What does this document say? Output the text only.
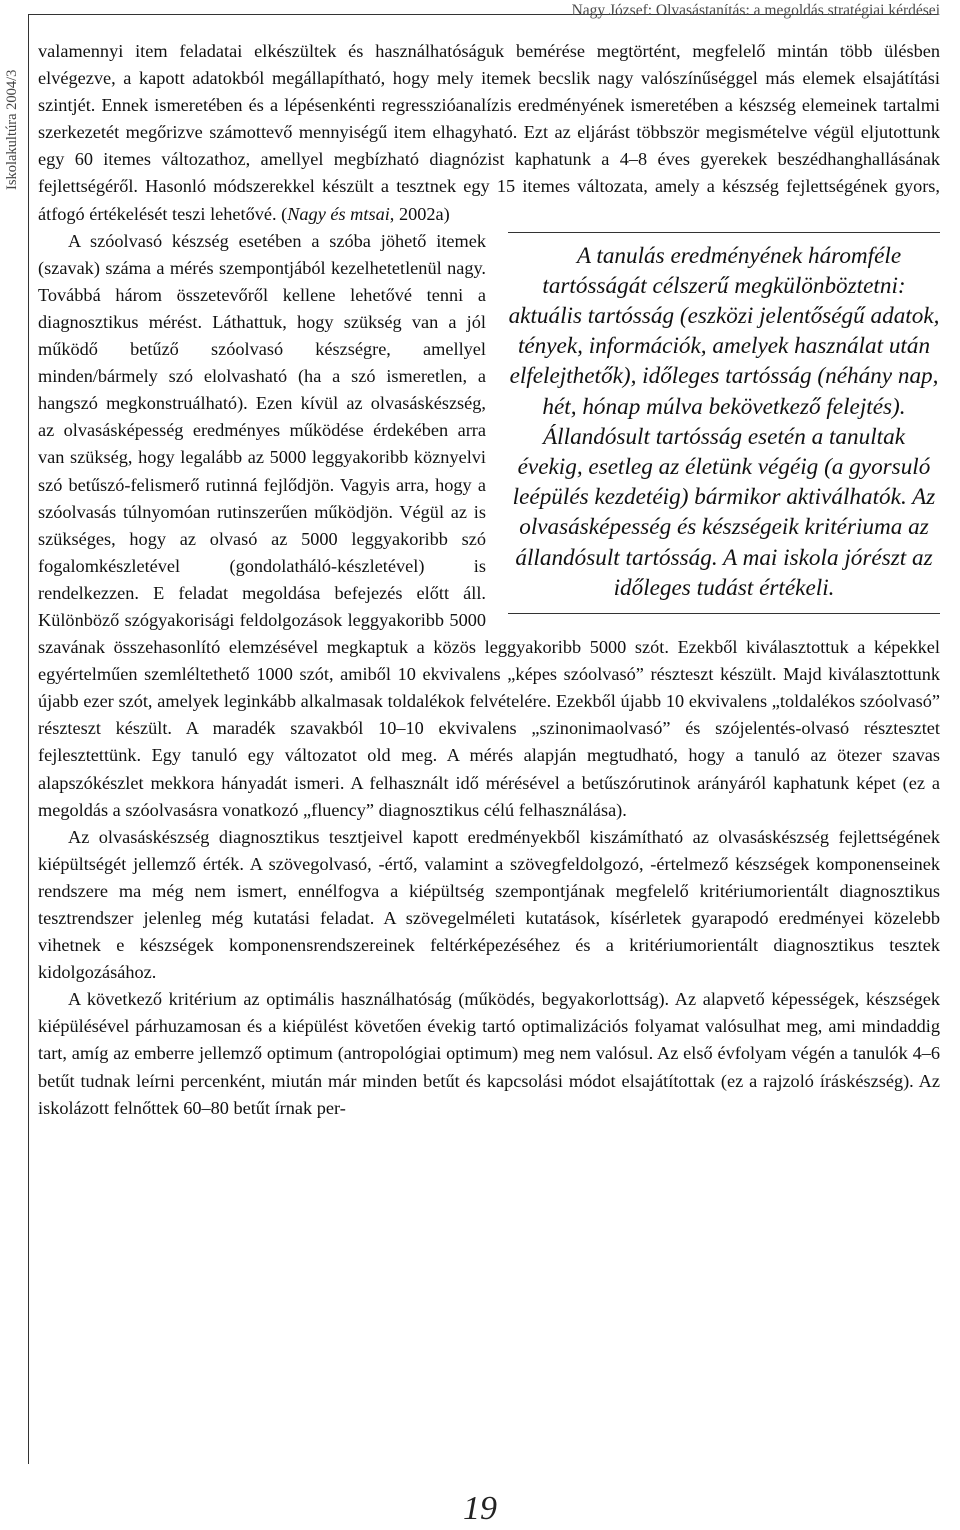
Nagy József: Olvasástanítás: a megoldás stratégiai kérdései
Iskolakultúra 2004/3

valamennyi item feladatai elkészültek és használhatóságuk bemérése megtörtént, megfelelő mintán több ülésben elvégezve, a kapott adatokból megállapítható, hogy mely itemek becslik nagy valószínűséggel más elemek elsajátítási szintjét. Ennek ismeretében és a lépésenkénti regresszióanalízis eredményének ismeretében a készség elemeinek tartalmi szerkezetét megőrizve számottevő mennyiségű item elhagyható. Ezt az eljárást többször megismételve végül eljutottunk egy 60 itemes változathoz, amellyel megbízható diagnózist kaphatunk a 4–8 éves gyerekek beszédhanghallásának fejlettségéről. Hasonló módszerekkel készült a tesztnek egy 15 itemes változata, amely a készség fejlettségének gyors, átfogó értékelését teszi lehetővé. (Nagy és mtsai, 2002a)

A tanulás eredményének háromféle tartósságát célszerű megkülönböztetni: aktuális tartósság (eszközi jelentőségű adatok, tények, információk, amelyek használat után elfelejthetők), időleges tartósság (néhány nap, hét, hónap múlva bekövetkező felejtés). Állandósult tartósság esetén a tanultak évekig, esetleg az életünk végéig (a gyorsuló leépülés kezdetéig) bármikor aktiválhatók. Az olvasásképesség és készségeik kritériuma az állandósult tartósság. A mai iskola jórészt az időleges tudást értékeli.
A szóolvasó készség esetében a szóba jöhető itemek (szavak) száma a mérés szempontjából kezelhetetlenül nagy. Továbbá három összetevőről kellene lehetővé tenni a diagnosztikus mérést. Láthattuk, hogy szükség van a jól működő betűző szóolvasó készségre, amellyel minden/bármely szó elolvasható (ha a szó ismeretlen, a hangszó megkonstruálható). Ezen kívül az olvasáskészség, az olvasásképesség eredményes működése érdekében arra van szükség, hogy legalább az 5000 leggyakoribb köznyelvi szó betűszó-felismerő rutinná fejlődjön. Vagyis arra, hogy a szóolvasás túlnyomóan rutinszerűen működjön. Végül az is szükséges, hogy az olvasó az 5000 leggyakoribb szó fogalomkészletével (gondolatháló-készletével) is rendelkezzen. E feladat megoldása befejezés előtt áll. Különböző szógyakorisági feldolgozások leggyakoribb 5000 szavának összehasonlító elemzésével megkaptuk a közös leggyakoribb 5000 szót. Ezekből kiválasztottuk a képekkel egyértelműen szemléltethető 1000 szót, amiből 10 ekvivalens „képes szóolvasó” részteszt készült. Majd kiválasztottunk újabb ezer szót, amelyek leginkább alkalmasak toldalékok felvételére. Ezekből újabb 10 ekvivalens „toldalékos szóolvasó” részteszt készült. A maradék szavakból 10–10 ekvivalens „szinonimaolvasó” és szójelentés-olvasó résztesztet fejlesztettünk. Egy tanuló egy változatot old meg. A mérés alapján megtudható, hogy a tanuló az ötezer szavas alapszókészlet mekkora hányadát ismeri. A felhasznált idő mérésével a betűszórutinok arányáról kaphatunk képet (ez a megoldás a szóolvasásra vonatkozó „fluency” diagnosztikus célú felhasználása).

Az olvasáskészség diagnosztikus tesztjeivel kapott eredményekből kiszámítható az olvasáskészség fejlettségének kiépültségét jellemző érték. A szövegolvasó, -értő, valamint a szövegfeldolgozó, -értelmező készségek komponenseinek rendszere ma még nem ismert, ennélfogva a kiépültség szempontjának megfelelő kritériumorientált diagnosztikus tesztrendszer jelenleg még kutatási feladat. A szövegelméleti kutatások, kísérletek gyarapodó eredményei közelebb vihetnek e készségek komponensrendszereinek feltérképezéséhez és a kritériumorientált diagnosztikus tesztek kidolgozásához.

A következő kritérium az optimális használhatóság (működés, begyakorlottság). Az alapvető képességek, készségek kiépülésével párhuzamosan és a kiépülést követően évekig tartó optimalizációs folyamat valósulhat meg, ami mindaddig tart, amíg az emberre jellemző optimum (antropológiai optimum) meg nem valósul. Az első évfolyam végén a tanulók 4–6 betűt tudnak leírni percenként, miután már minden betűt és kapcsolási módot elsajátítottak (ez a rajzoló íráskészség). Az iskolázott felnőttek 60–80 betűt írnak per-

19
